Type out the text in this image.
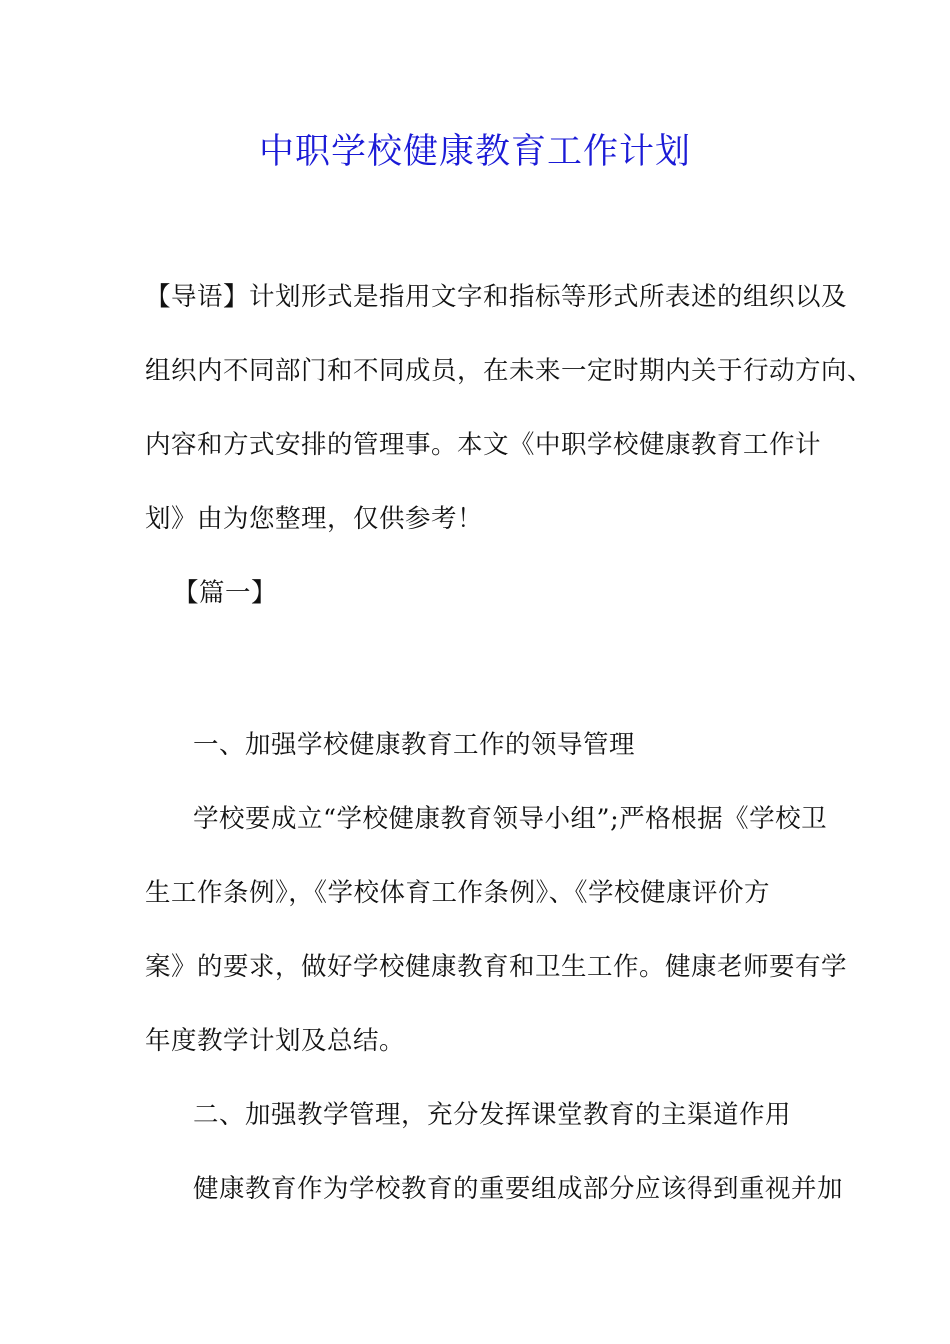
中职学校健康教育工作计划
【导语】计划形式是指用文字和指标等形式所表述的组织以及
组织内不同部门和不同成员，在未来一定时期内关于行动方向、
内容和方式安排的管理事。本文《中职学校健康教育工作计
划》由为您整理，仅供参考！
【篇一】
一、加强学校健康教育工作的领导管理
学校要成立“学校健康教育领导小组”;严格根据《学校卫
生工作条例》，《学校体育工作条例》、《学校健康评价方
案》的要求，做好学校健康教育和卫生工作。健康老师要有学
年度教学计划及总结。
二、加强教学管理，充分发挥课堂教育的主渠道作用
健康教育作为学校教育的重要组成部分应该得到重视并加
